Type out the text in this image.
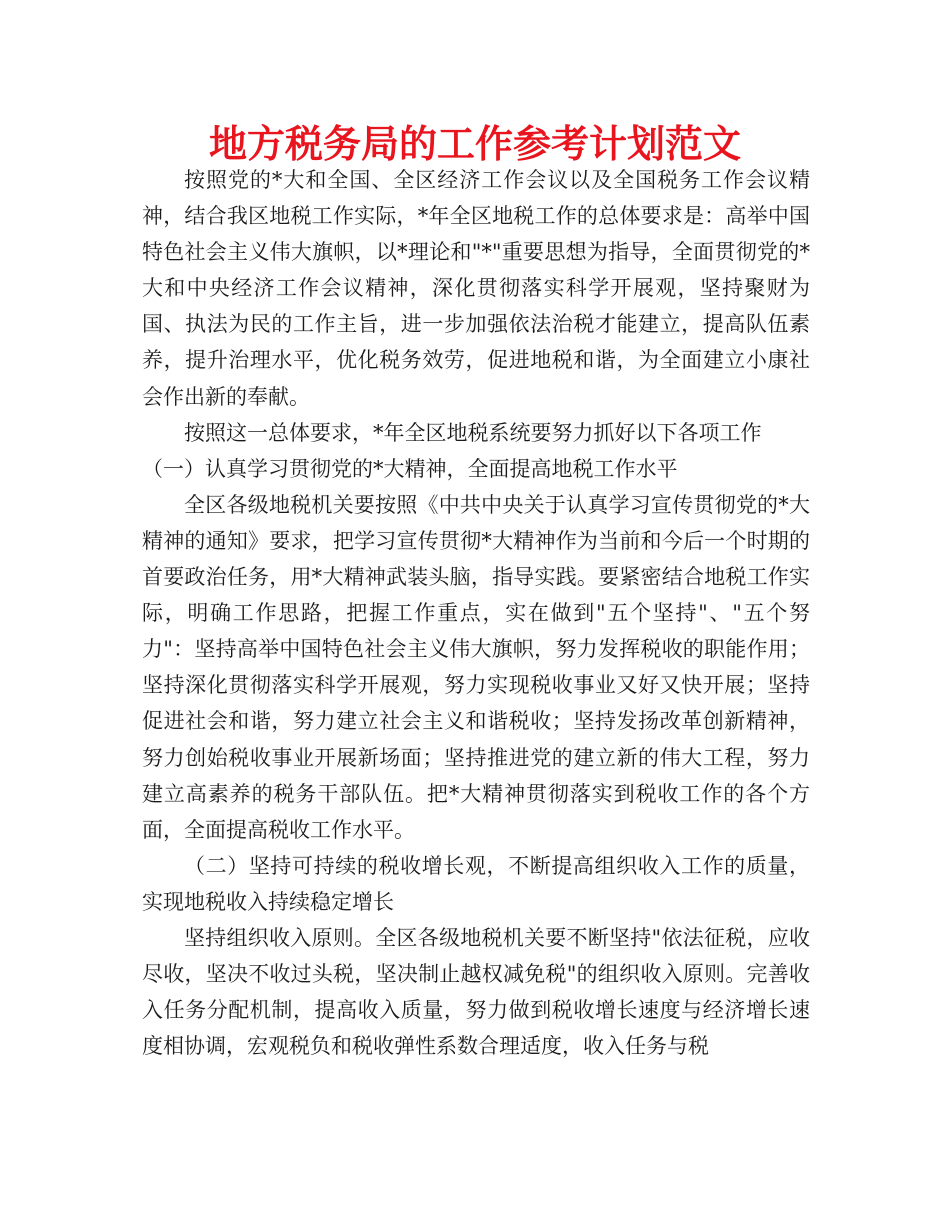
地方税务局的工作参考计划范文

按照党的*大和全国、全区经济工作会议以及全国税务工作会议精神，结合我区地税工作实际，*年全区地税工作的总体要求是：高举中国特色社会主义伟大旗帜，以*理论和"*"重要思想为指导，全面贯彻党的*大和中央经济工作会议精神，深化贯彻落实科学开展观，坚持聚财为国、执法为民的工作主旨，进一步加强依法治税才能建立，提高队伍素养，提升治理水平，优化税务效劳，促进地税和谐，为全面建立小康社会作出新的奉献。

按照这一总体要求，*年全区地税系统要努力抓好以下各项工作

（一）认真学习贯彻党的*大精神，全面提高地税工作水平

全区各级地税机关要按照《中共中央关于认真学习宣传贯彻党的*大精神的通知》要求，把学习宣传贯彻*大精神作为当前和今后一个时期的首要政治任务，用*大精神武装头脑，指导实践。要紧密结合地税工作实际，明确工作思路，把握工作重点，实在做到"五个坚持"、"五个努力"：坚持高举中国特色社会主义伟大旗帜，努力发挥税收的职能作用；坚持深化贯彻落实科学开展观，努力实现税收事业又好又快开展；坚持促进社会和谐，努力建立社会主义和谐税收；坚持发扬改革创新精神，努力创始税收事业开展新场面；坚持推进党的建立新的伟大工程，努力建立高素养的税务干部队伍。把*大精神贯彻落实到税收工作的各个方面，全面提高税收工作水平。

（二）坚持可持续的税收增长观，不断提高组织收入工作的质量，实现地税收入持续稳定增长

坚持组织收入原则。全区各级地税机关要不断坚持"依法征税，应收尽收，坚决不收过头税，坚决制止越权减免税"的组织收入原则。完善收入任务分配机制，提高收入质量，努力做到税收增长速度与经济增长速度相协调，宏观税负和税收弹性系数合理适度，收入任务与税
